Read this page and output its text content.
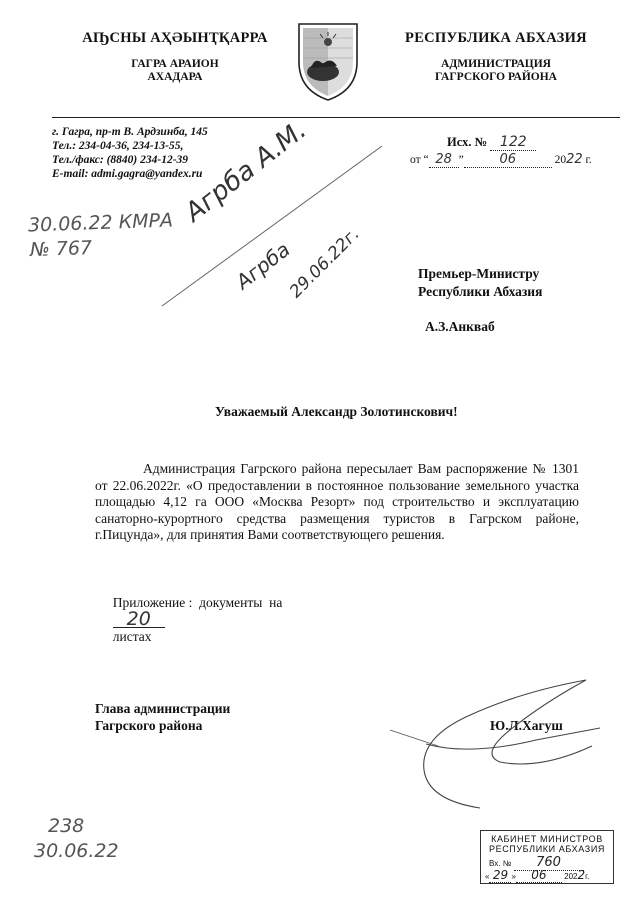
АҦСНЫ АҲӘЫНҬҚАРРА
ГАГРА АРАИОН
АХАДАРА
РЕСПУБЛИКА АБХАЗИЯ
АДМИНИСТРАЦИЯ
ГАГРСКОГО РАЙОНА
г. Гагра, пр-т В. Ардзинба, 145
Тел.: 234-04-36, 234-13-55,
Тел./факс: (8840) 234-12-39
E-mail: admi.gagra@yandex.ru
Исх. № 122
от “ 28 ”	06	2022 г.
30.06.22 КМРА
№ 767
Агрба А.М.
Агрба
29.06.22г.	Премьер-Министру
Республики Абхазия
А.З.Анкваб
Уважаемый Александр Золотинскович!
Администрация Гагрского района пересылает Вам распоряжение № 1301 от 22.06.2022г. «О предоставлении в постоянное пользование земельного участка площадью 4,12 га ООО «Москва Резорт» под строительство и эксплуатацию санаторно-курортного средства размещения туристов в Гагрском районе, г.Пицунда», для принятия Вами соответствующего решения.

Приложение :  документы  на
20
листах

Глава администрации
Гагрского района	Ю.Л.Хагуш
238
30.06.22
КАБИНЕТ МИНИСТРОВ
РЕСПУБЛИКИ АБХАЗИЯ
Вх. № 760
« 29 » 06 2022г.
